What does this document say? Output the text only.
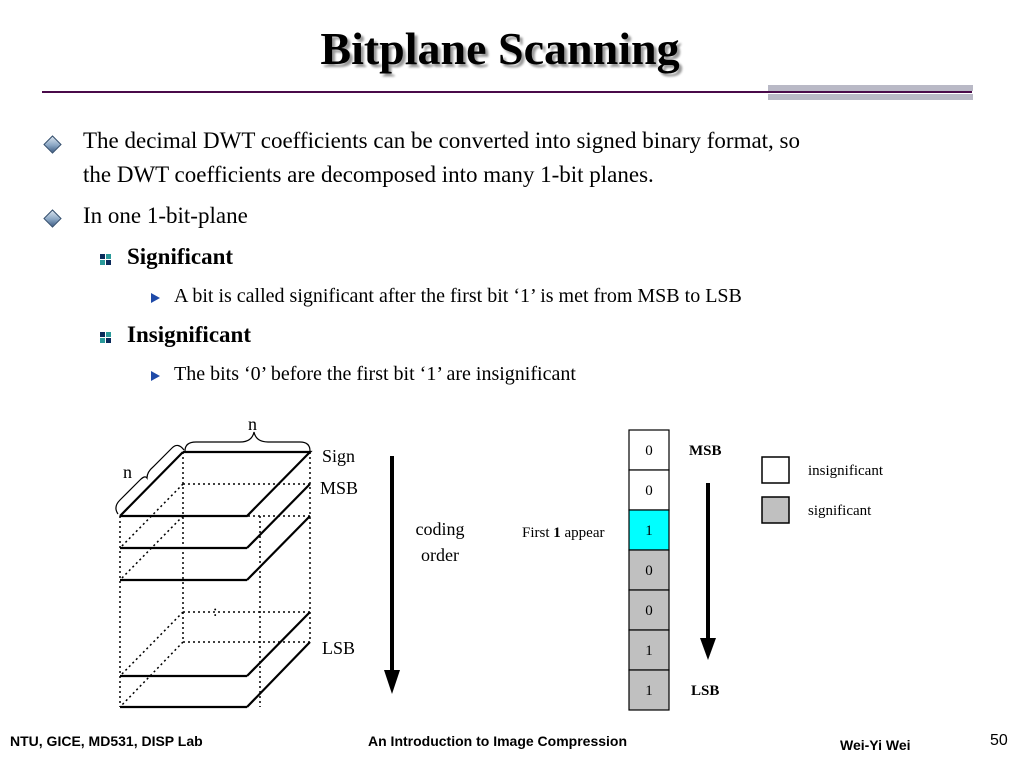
Bitplane Scanning
The decimal DWT coefficients can be converted into signed binary format, so
the DWT coefficients are decomposed into many 1-bit planes.
In one 1-bit-plane
Significant
A bit is called significant after the first bit ‘1’ is met from MSB to LSB
Insignificant
The bits ‘0’ before the first bit ‘1’ are insignificant
n
n
Sign
MSB
LSB
:
coding
order
0
0
1
0
0
1
1
MSB
LSB
First 1 appear
insignificant
significant
NTU, GICE, MD531, DISP Lab	An Introduction to Image Compression	Wei-Yi Wei	50
